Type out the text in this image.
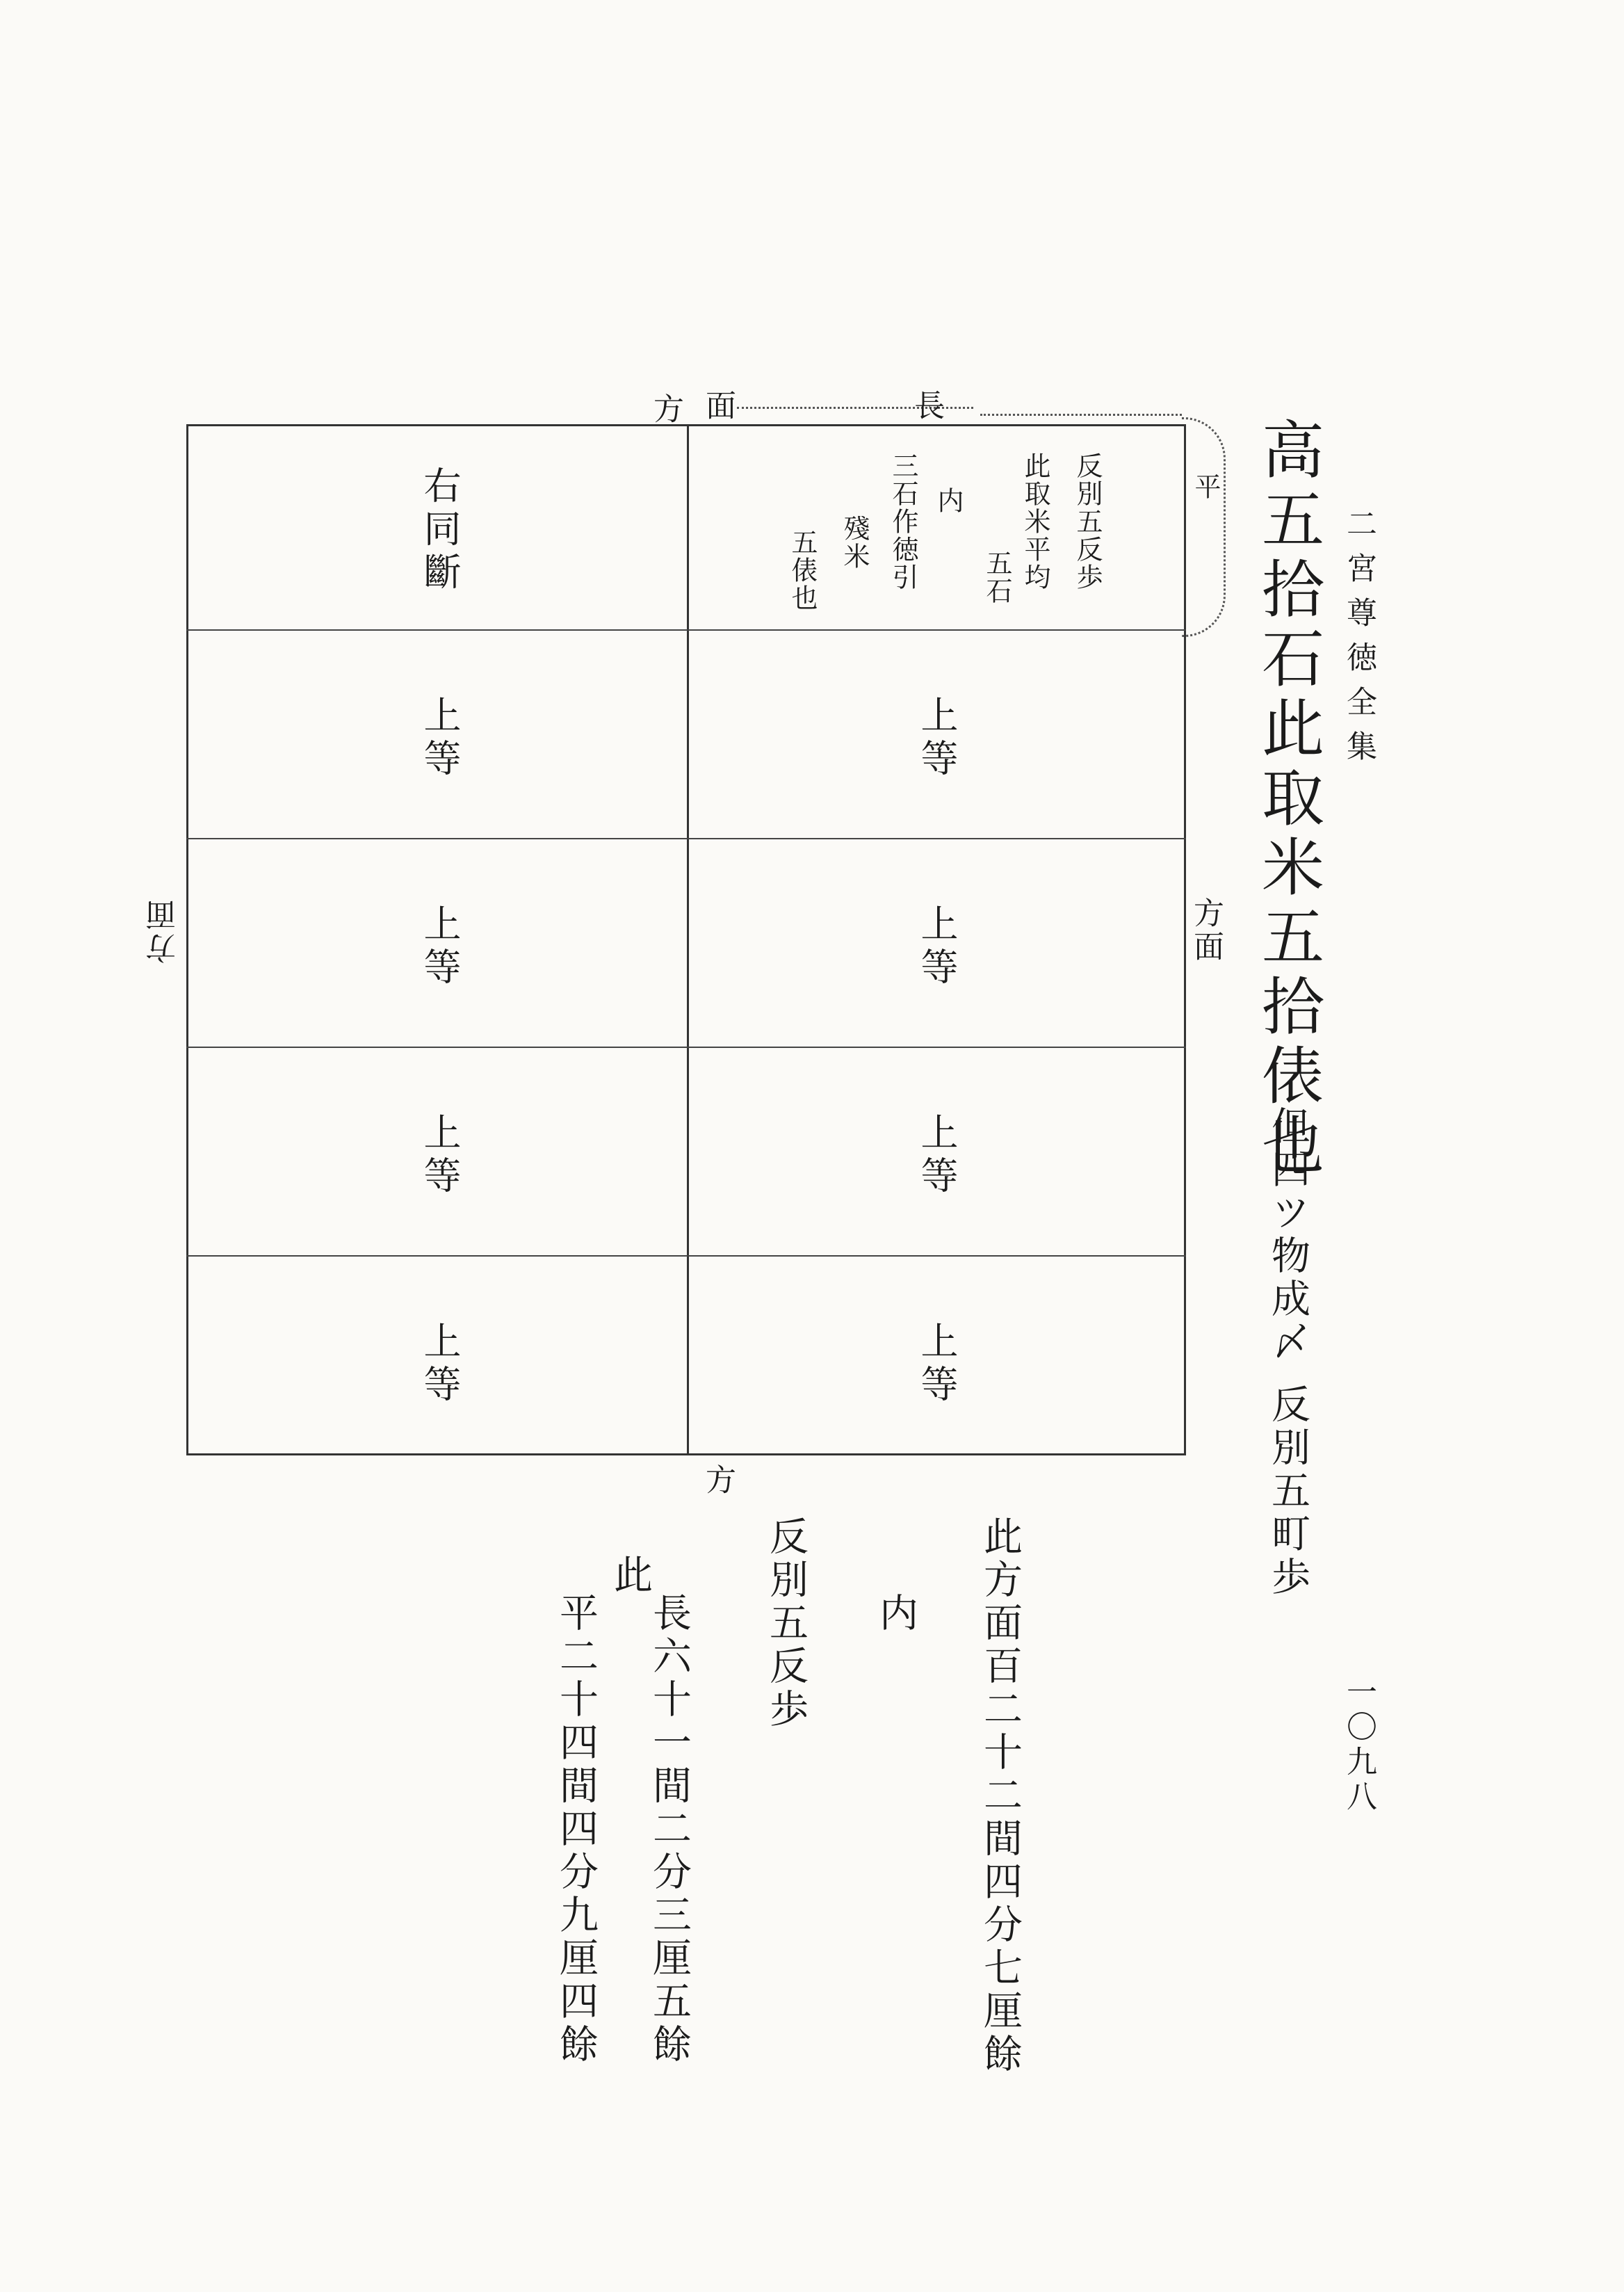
二宮尊徳全集
一〇九八
高五拾石
此取米五拾俵也
但四ツ物成〆
反別五町歩
此方面百二十二間四分七厘餘
内
反別五反歩
此
長六十一間二分三厘五餘
平二十四間四分九厘四餘
方 面	長
平
方面
方面
方
反別五反歩
此取米平均
五石
内
三石作徳引
殘米
五俵也
右同斷
上等
上等
上等
上等
上等
上等
上等
上等
